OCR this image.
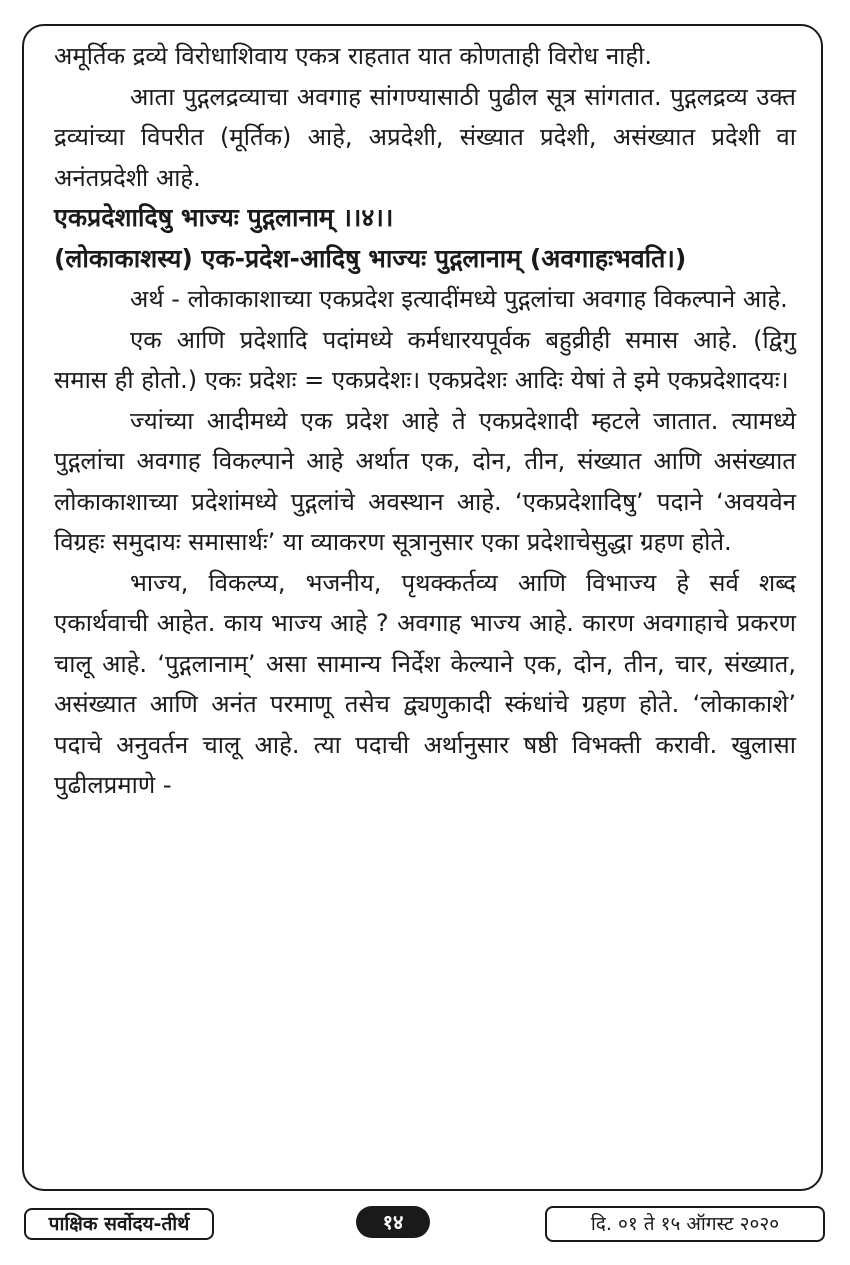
अमूर्तिक द्रव्ये विरोधाशिवाय एकत्र राहतात यात कोणताही विरोध नाही.

आता पुद्गलद्रव्याचा अवगाह सांगण्यासाठी पुढील सूत्र सांगतात. पुद्गलद्रव्य उक्त द्रव्यांच्या विपरीत (मूर्तिक) आहे, अप्रदेशी, संख्यात प्रदेशी, असंख्यात प्रदेशी वा अनंतप्रदेशी आहे.

एकप्रदेशादिषु भाज्यः पुद्गलानाम् ।।४।।

(लोकाकाशस्य) एक-प्रदेश-आदिषु भाज्यः पुद्गलानाम् (अवगाहःभवति।)

अर्थ - लोकाकाशाच्या एकप्रदेश इत्यादींमध्ये पुद्गलांचा अवगाह विकल्पाने आहे.

एक आणि प्रदेशादि पदांमध्ये कर्मधारयपूर्वक बहुव्रीही समास आहे. (द्विगु समास ही होतो.) एकः प्रदेशः = एकप्रदेशः। एकप्रदेशः आदिः येषां ते इमे एकप्रदेशादयः।

ज्यांच्या आदीमध्ये एक प्रदेश आहे ते एकप्रदेशादी म्हटले जातात. त्यामध्ये पुद्गलांचा अवगाह विकल्पाने आहे अर्थात एक, दोन, तीन, संख्यात आणि असंख्यात लोकाकाशाच्या प्रदेशांमध्ये पुद्गलांचे अवस्थान आहे. ‘एकप्रदेशादिषु’ पदाने ‘अवयवेन विग्रहः समुदायः समासार्थः’ या व्याकरण सूत्रानुसार एका प्रदेशाचेसुद्धा ग्रहण होते.

भाज्य, विकल्प्य, भजनीय, पृथक्कर्तव्य आणि विभाज्य हे सर्व शब्द एकार्थवाची आहेत. काय भाज्य आहे ? अवगाह भाज्य आहे. कारण अवगाहाचे प्रकरण चालू आहे. ‘पुद्गलानाम्’ असा सामान्य निर्देश केल्याने एक, दोन, तीन, चार, संख्यात, असंख्यात आणि अनंत परमाणू तसेच द्व्यणुकादी स्कंधांचे ग्रहण होते. ‘लोकाकाशे’ पदाचे अनुवर्तन चालू आहे. त्या पदाची अर्थानुसार षष्ठी विभक्ती करावी. खुलासा पुढीलप्रमाणे -

पाक्षिक सर्वोदय-तीर्थ	१४	दि. ०१ ते १५ ऑगस्ट २०२०
